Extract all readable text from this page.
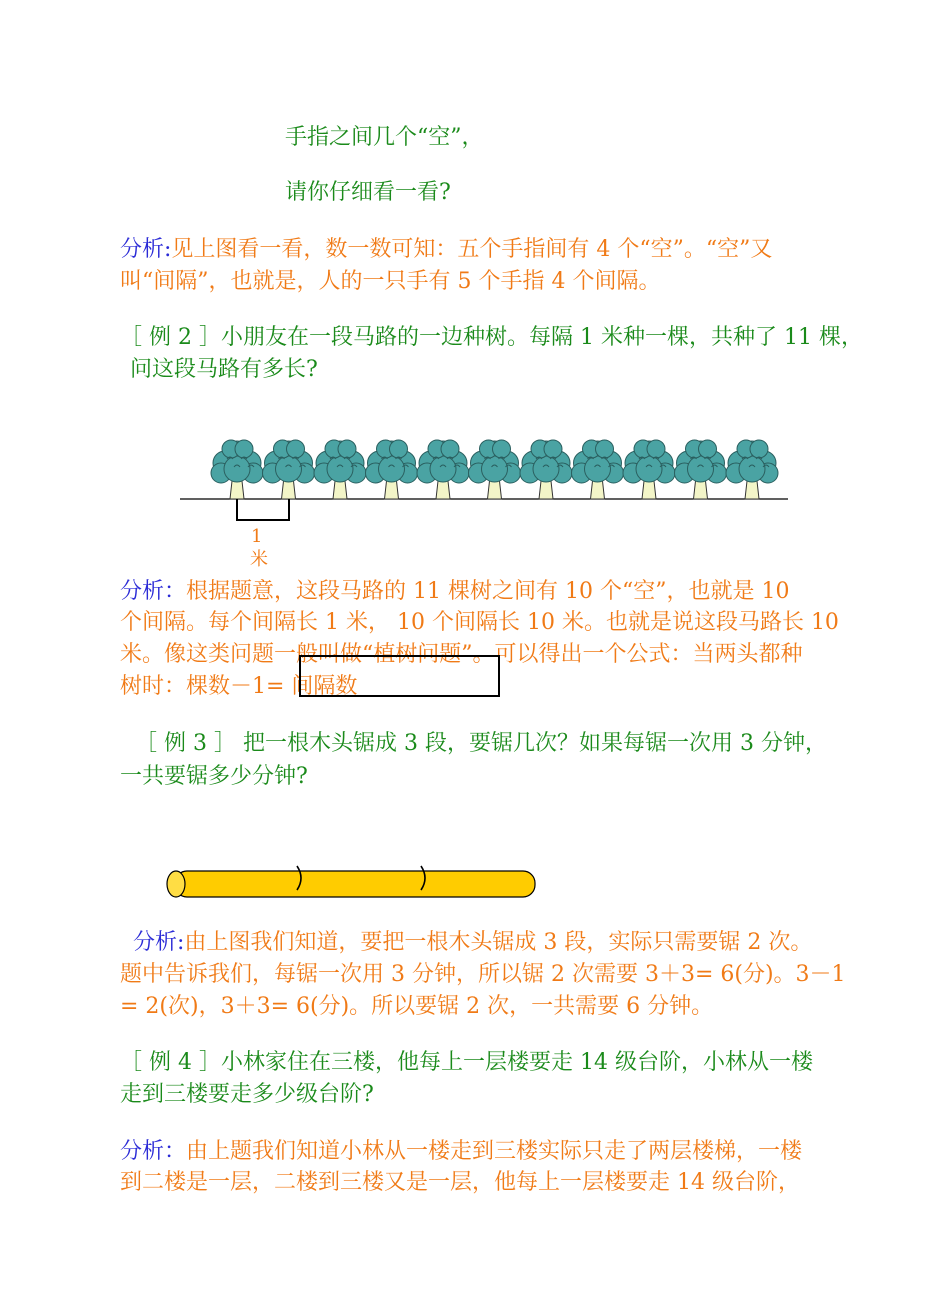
手指之间几个“空”，
请你仔细看一看?
分析:见上图看一看，数一数可知：五个手指间有 4 个“空”。“空”又
叫“间隔”，也就是，人的一只手有 5 个手指 4 个间隔。
［ 例 2 ］小朋友在一段马路的一边种树。每隔 1 米种一棵，共种了 11 棵，
问这段马路有多长?
1
米
分析：根据题意，这段马路的 11 棵树之间有 10 个“空”，也就是 10
个间隔。每个间隔长 1 米， 10 个间隔长 10 米。也就是说这段马路长 10
米。像这类问题一般叫做“植树问题”。可以得出一个公式：当两头都种
树时：棵数－1= 间隔数
［ 例 3 ］ 把一根木头锯成 3 段，要锯几次？如果每锯一次用 3 分钟，
一共要锯多少分钟?
分析:由上图我们知道，要把一根木头锯成 3 段，实际只需要锯 2 次。
题中告诉我们，每锯一次用 3 分钟，所以锯 2 次需要 3＋3= 6(分)。3－1
= 2(次)，3＋3= 6(分)。所以要锯 2 次，一共需要 6 分钟。
［ 例 4 ］小林家住在三楼，他每上一层楼要走 14 级台阶，小林从一楼
走到三楼要走多少级台阶?
分析：由上题我们知道小林从一楼走到三楼实际只走了两层楼梯，一楼
到二楼是一层，二楼到三楼又是一层，他每上一层楼要走 14 级台阶，
